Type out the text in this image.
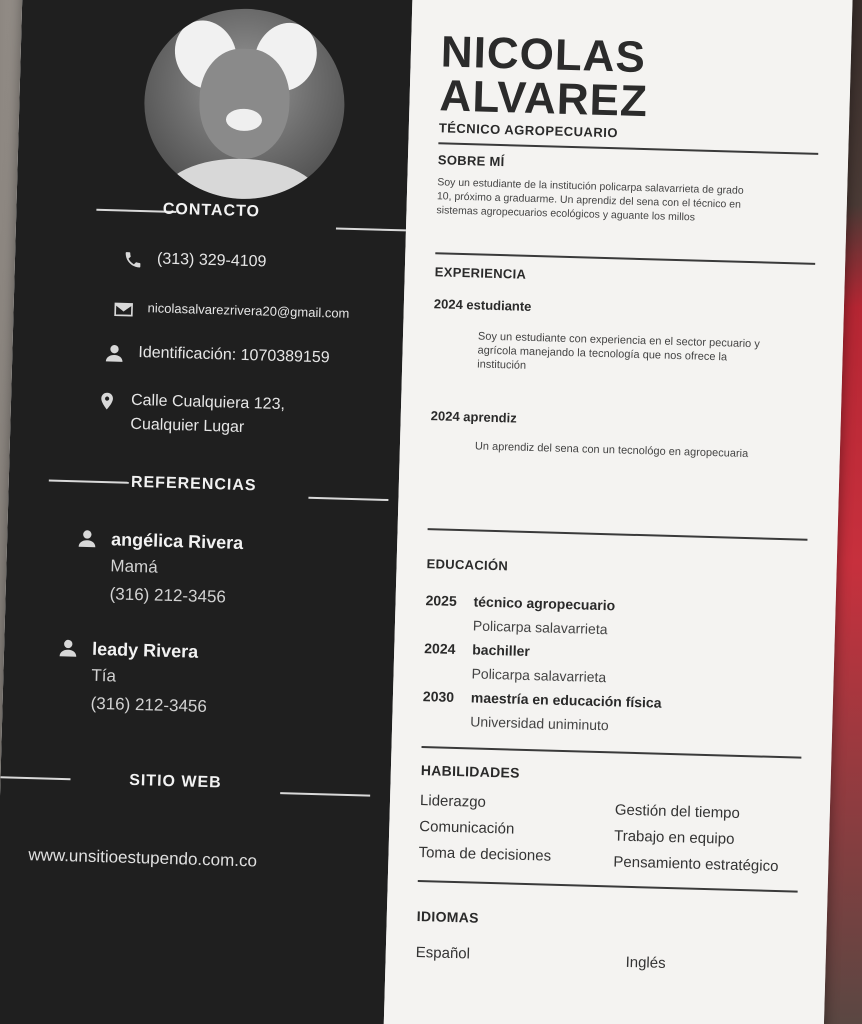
CONTACTO
(313) 329-4109
nicolasalvarezrivera20@gmail.com
Identificación: 1070389159
Calle Cualquiera 123,
Cualquier Lugar
REFERENCIAS
angélica Rivera
Mamá
(316) 212-3456
leady Rivera
Tía
(316) 212-3456
SITIO WEB
www.unsitioestupendo.com.co
NICOLAS
ALVAREZ
TÉCNICO AGROPECUARIO
SOBRE MÍ
Soy un estudiante de la institución policarpa salavarrieta de grado 10, próximo a graduarme. Un aprendiz del sena con el técnico en sistemas agropecuarios ecológicos y aguante los millos
EXPERIENCIA
2024 estudiante
Soy un estudiante con experiencia en el sector pecuario y agrícola manejando la tecnología que nos ofrece la institución
2024 aprendiz
Un aprendiz del sena con un tecnológo en agropecuaria
EDUCACIÓN
2025 técnico agropecuario
Policarpa salavarrieta
2024 bachiller
Policarpa salavarrieta
2030 maestría en educación física
Universidad uniminuto
HABILIDADES
Liderazgo
Comunicación
Toma de decisiones
Gestión del tiempo
Trabajo en equipo
Pensamiento estratégico
IDIOMAS
Español
Inglés
